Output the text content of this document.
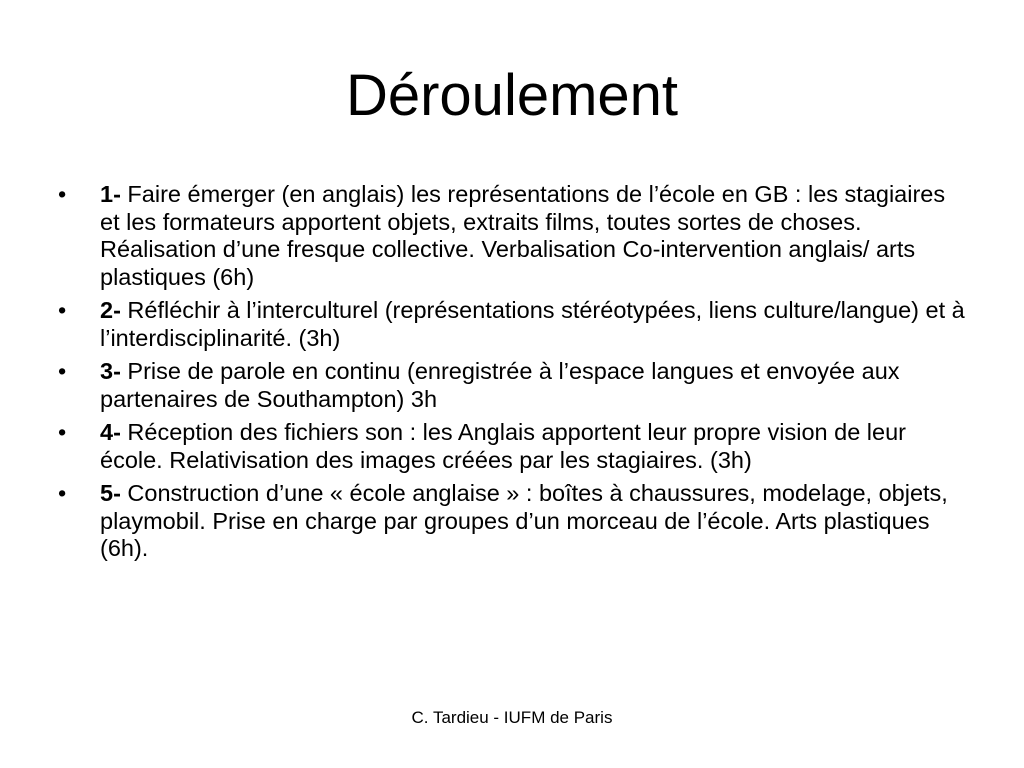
Déroulement
• 1- Faire émerger (en anglais) les représentations de l’école en GB : les stagiaires et les formateurs apportent objets, extraits films, toutes sortes de choses. Réalisation d’une fresque collective. Verbalisation Co-intervention anglais/ arts plastiques (6h)
• 2- Réfléchir à l’interculturel (représentations stéréotypées, liens culture/langue) et à l’interdisciplinarité. (3h)
• 3- Prise de parole en continu (enregistrée à l’espace langues et envoyée aux partenaires de Southampton) 3h
• 4- Réception des fichiers son : les Anglais apportent leur propre vision de leur école. Relativisation des images créées par les stagiaires. (3h)
• 5- Construction d’une « école anglaise » : boîtes à chaussures, modelage, objets, playmobil. Prise en charge par groupes d’un morceau de l’école. Arts plastiques (6h).
C. Tardieu - IUFM de Paris
